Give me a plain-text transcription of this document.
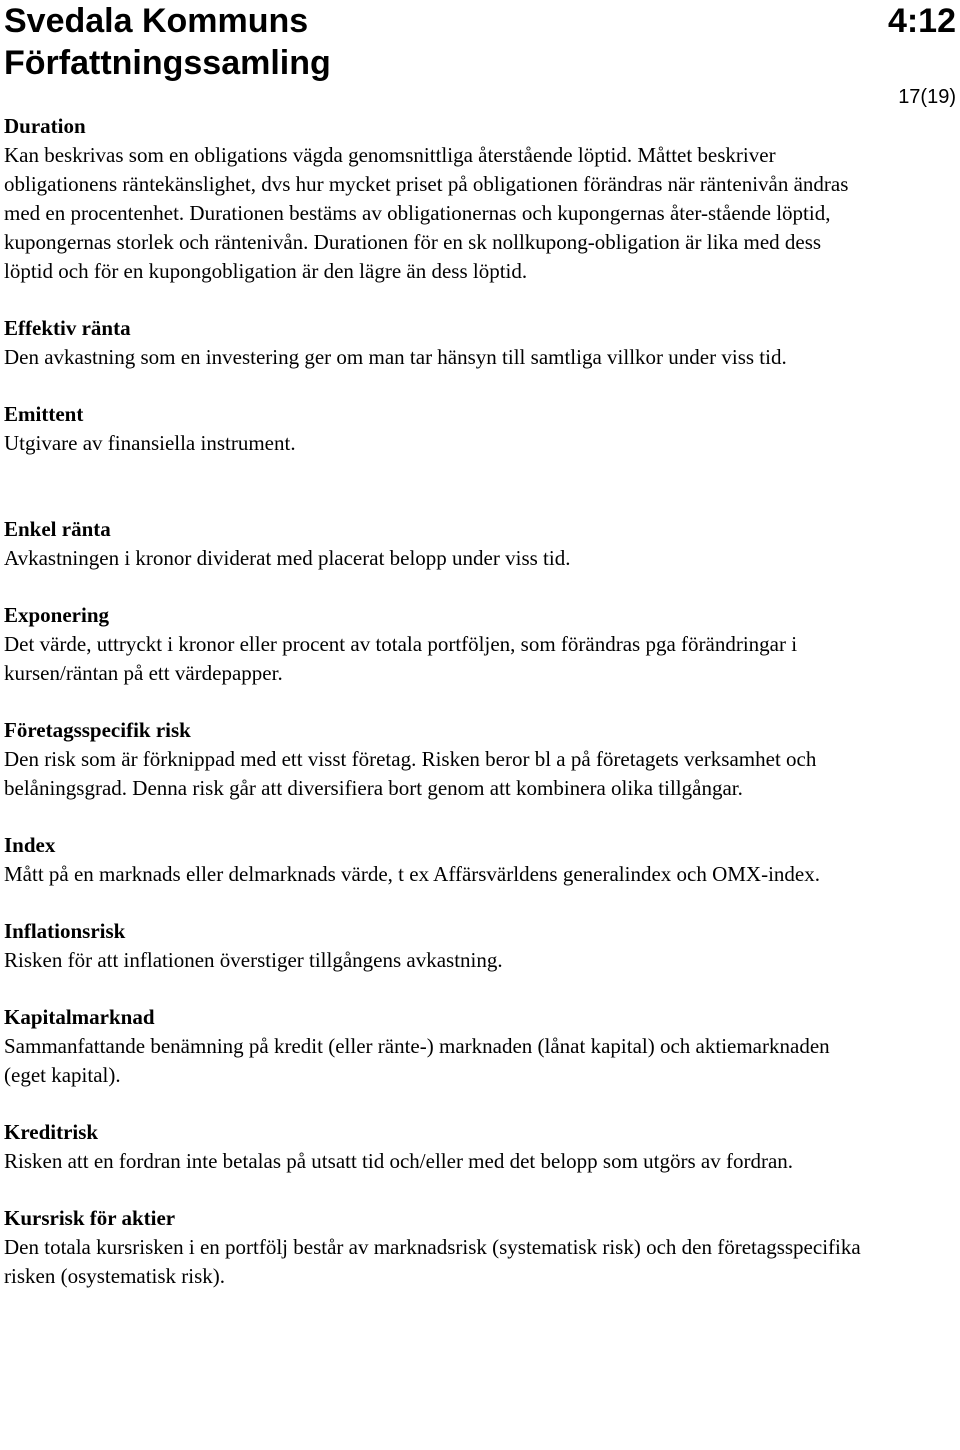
Svedala Kommuns
Författningssamling
4:12
17(19)
Duration
Kan beskrivas som en obligations vägda genomsnittliga återstående löptid. Måttet beskriver obligationens räntekänslighet, dvs hur mycket priset på obligationen förändras när räntenivån ändras med en procentenhet. Durationen bestäms av obligationernas och kupongernas åter-stående löptid, kupongernas storlek och räntenivån. Durationen för en sk nollkupong-obligation är lika med dess löptid och för en kupongobligation är den lägre än dess löptid.
Effektiv ränta
Den avkastning som en investering ger om man tar hänsyn till samtliga villkor under viss tid.
Emittent
Utgivare av finansiella instrument.
Enkel ränta
Avkastningen i kronor dividerat med placerat belopp under viss tid.
Exponering
Det värde, uttryckt i kronor eller procent av totala portföljen, som förändras pga förändringar i kursen/räntan på ett värdepapper.
Företagsspecifik risk
Den risk som är förknippad med ett visst företag. Risken beror bl a på företagets verksamhet och belåningsgrad. Denna risk går att diversifiera bort genom att kombinera olika tillgångar.
Index
Mått på en marknads eller delmarknads värde, t ex Affärsvärldens generalindex och OMX-index.
Inflationsrisk
Risken för att inflationen överstiger tillgångens avkastning.
Kapitalmarknad
Sammanfattande benämning på kredit (eller ränte-) marknaden (lånat kapital) och aktiemarknaden (eget kapital).
Kreditrisk
Risken att en fordran inte betalas på utsatt tid och/eller med det belopp som utgörs av fordran.
Kursrisk för aktier
Den totala kursrisken i en portfölj består av marknadsrisk (systematisk risk) och den företagsspecifika risken (osystematisk risk).
